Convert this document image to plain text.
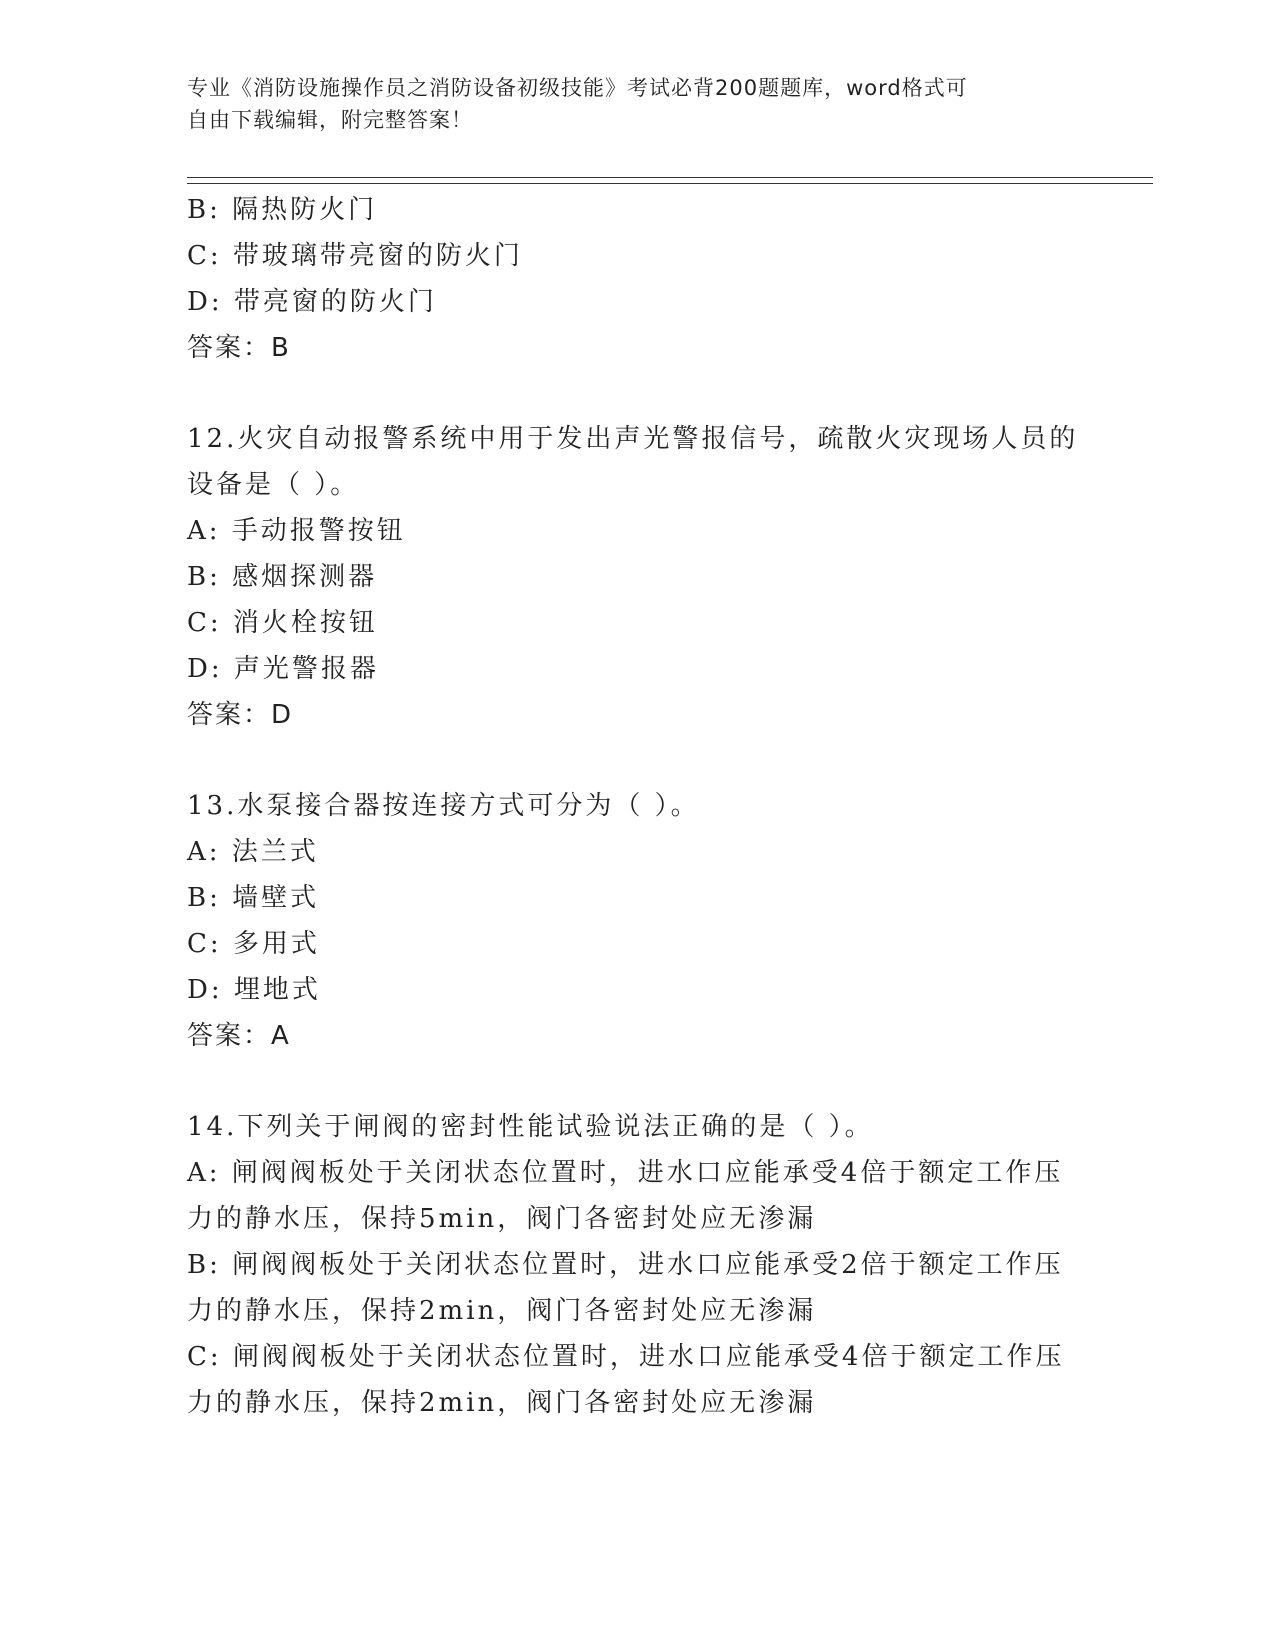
专业《消防设施操作员之消防设备初级技能》考试必背200题题库，word格式可
自由下载编辑，附完整答案！
B: 隔热防火门
C: 带玻璃带亮窗的防火门
D: 带亮窗的防火门
答案：B
12.火灾自动报警系统中用于发出声光警报信号，疏散火灾现场人员的
设备是（ ）。
A: 手动报警按钮
B: 感烟探测器
C: 消火栓按钮
D: 声光警报器
答案：D
13.水泵接合器按连接方式可分为（ ）。
A: 法兰式
B: 墙壁式
C: 多用式
D: 埋地式
答案：A
14.下列关于闸阀的密封性能试验说法正确的是（ ）。
A: 闸阀阀板处于关闭状态位置时，进水口应能承受4倍于额定工作压
力的静水压，保持5min，阀门各密封处应无渗漏
B: 闸阀阀板处于关闭状态位置时，进水口应能承受2倍于额定工作压
力的静水压，保持2min，阀门各密封处应无渗漏
C: 闸阀阀板处于关闭状态位置时，进水口应能承受4倍于额定工作压
力的静水压，保持2min，阀门各密封处应无渗漏
